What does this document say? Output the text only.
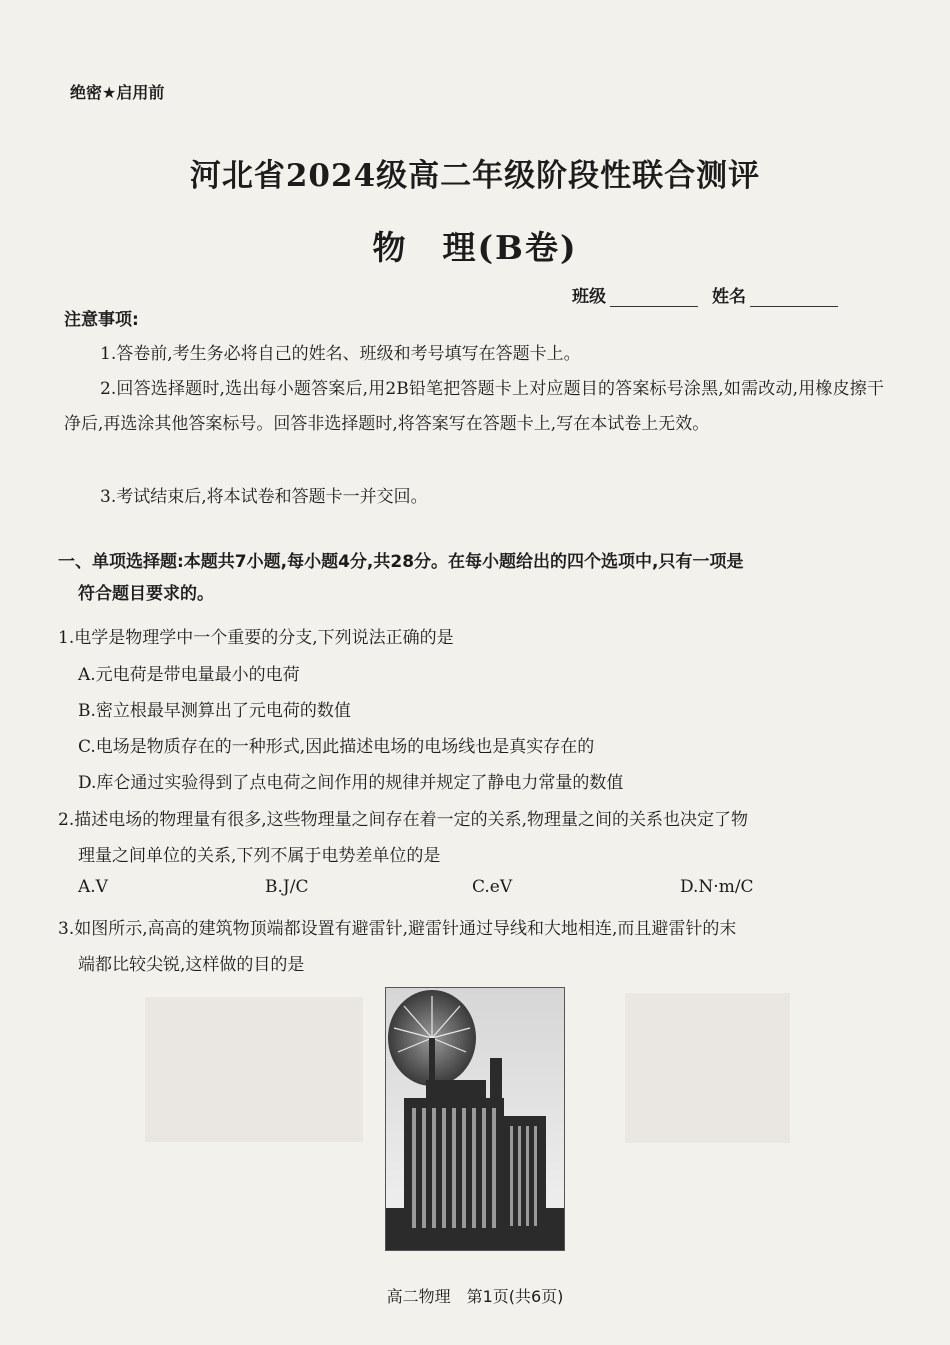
绝密★启用前
河北省2024级高二年级阶段性联合测评
物　理(B卷)
班级	姓名
注意事项:
1.答卷前,考生务必将自己的姓名、班级和考号填写在答题卡上。
2.回答选择题时,选出每小题答案后,用2B铅笔把答题卡上对应题目的答案标号涂黑,如需改动,用橡皮擦干净后,再选涂其他答案标号。回答非选择题时,将答案写在答题卡上,写在本试卷上无效。
3.考试结束后,将本试卷和答题卡一并交回。
一、单项选择题:本题共7小题,每小题4分,共28分。在每小题给出的四个选项中,只有一项是
符合题目要求的。
1.电学是物理学中一个重要的分支,下列说法正确的是
A.元电荷是带电量最小的电荷
B.密立根最早测算出了元电荷的数值
C.电场是物质存在的一种形式,因此描述电场的电场线也是真实存在的
D.库仑通过实验得到了点电荷之间作用的规律并规定了静电力常量的数值
2.描述电场的物理量有很多,这些物理量之间存在着一定的关系,物理量之间的关系也决定了物
理量之间单位的关系,下列不属于电势差单位的是
A.V	B.J/C	C.eV	D.N·m/C
3.如图所示,高高的建筑物顶端都设置有避雷针,避雷针通过导线和大地相连,而且避雷针的末
端都比较尖锐,这样做的目的是
高二物理　第1页(共6页)
